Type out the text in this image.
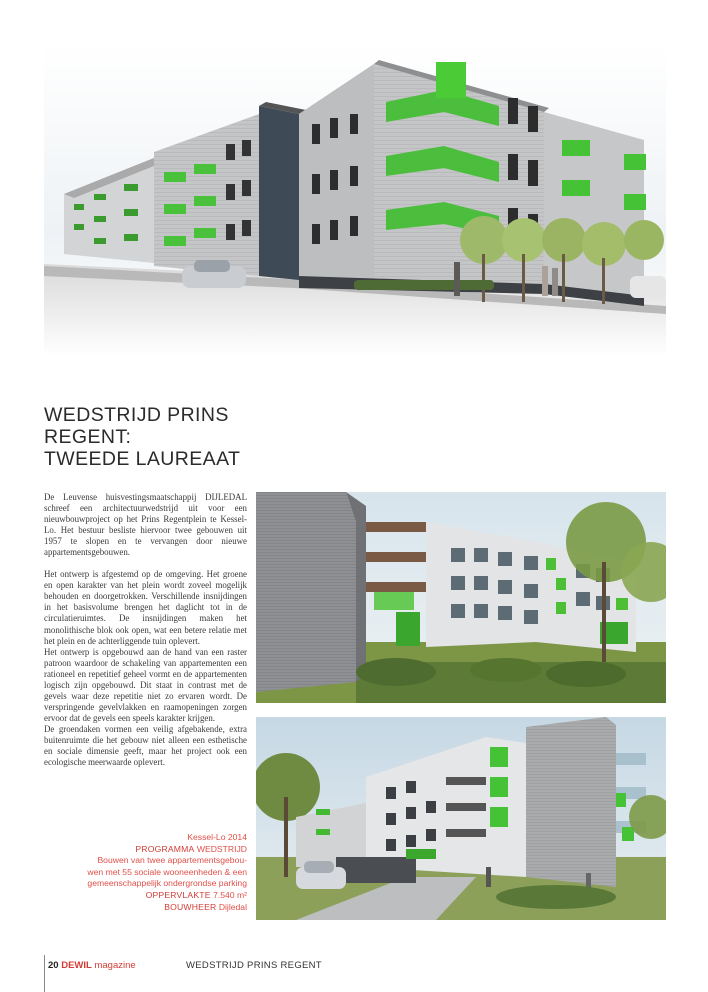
WEDSTRIJD PRINS
REGENT:
TWEEDE LAUREAAT

De Leuvense huisvestingsmaatschappij DIJLEDAL schreef een architectuurwedstrijd uit voor een nieuwbouwproject op het Prins Regentplein te Kessel-Lo. Het bestuur besliste hiervoor twee gebouwen uit 1957 te slopen en te vervangen door nieuwe appartementsgebouwen.

Het ontwerp is afgestemd op de omgeving. Het groene en open karakter van het plein wordt zoveel mogelijk behouden en doorgetrokken. Verschillende insnijdingen in het basisvolume brengen het daglicht tot in de circulatieruimtes. De insnijdingen maken het monolithische blok ook open, wat een betere relatie met het plein en de achterliggende tuin oplevert.

Het ontwerp is opgebouwd aan de hand van een raster patroon waardoor de schakeling van appartementen een rationeel en repetitief geheel vormt en de appartementen logisch zijn opgebouwd. Dit staat in contrast met de gevels waar deze repetitie niet zo ervaren wordt. De verspringende gevelvlakken en raamopeningen zorgen ervoor dat de gevels een speels karakter krijgen.

De groendaken vormen een veilig afgebakende, extra buitenruimte die het gebouw niet alleen een esthetische en sociale dimensie geeft, maar het project ook een ecologische meerwaarde oplevert.

Kessel-Lo 2014
PROGRAMMA WEDSTRIJD
Bouwen van twee appartementsgebou-
wen met 55 sociale wooneenheden & een
gemeenschappelijk ondergrondse parking
OPPERVLAKTE 7.540 m²
BOUWHEER Dijledal
20 DEWIL magazine	WEDSTRIJD PRINS REGENT
